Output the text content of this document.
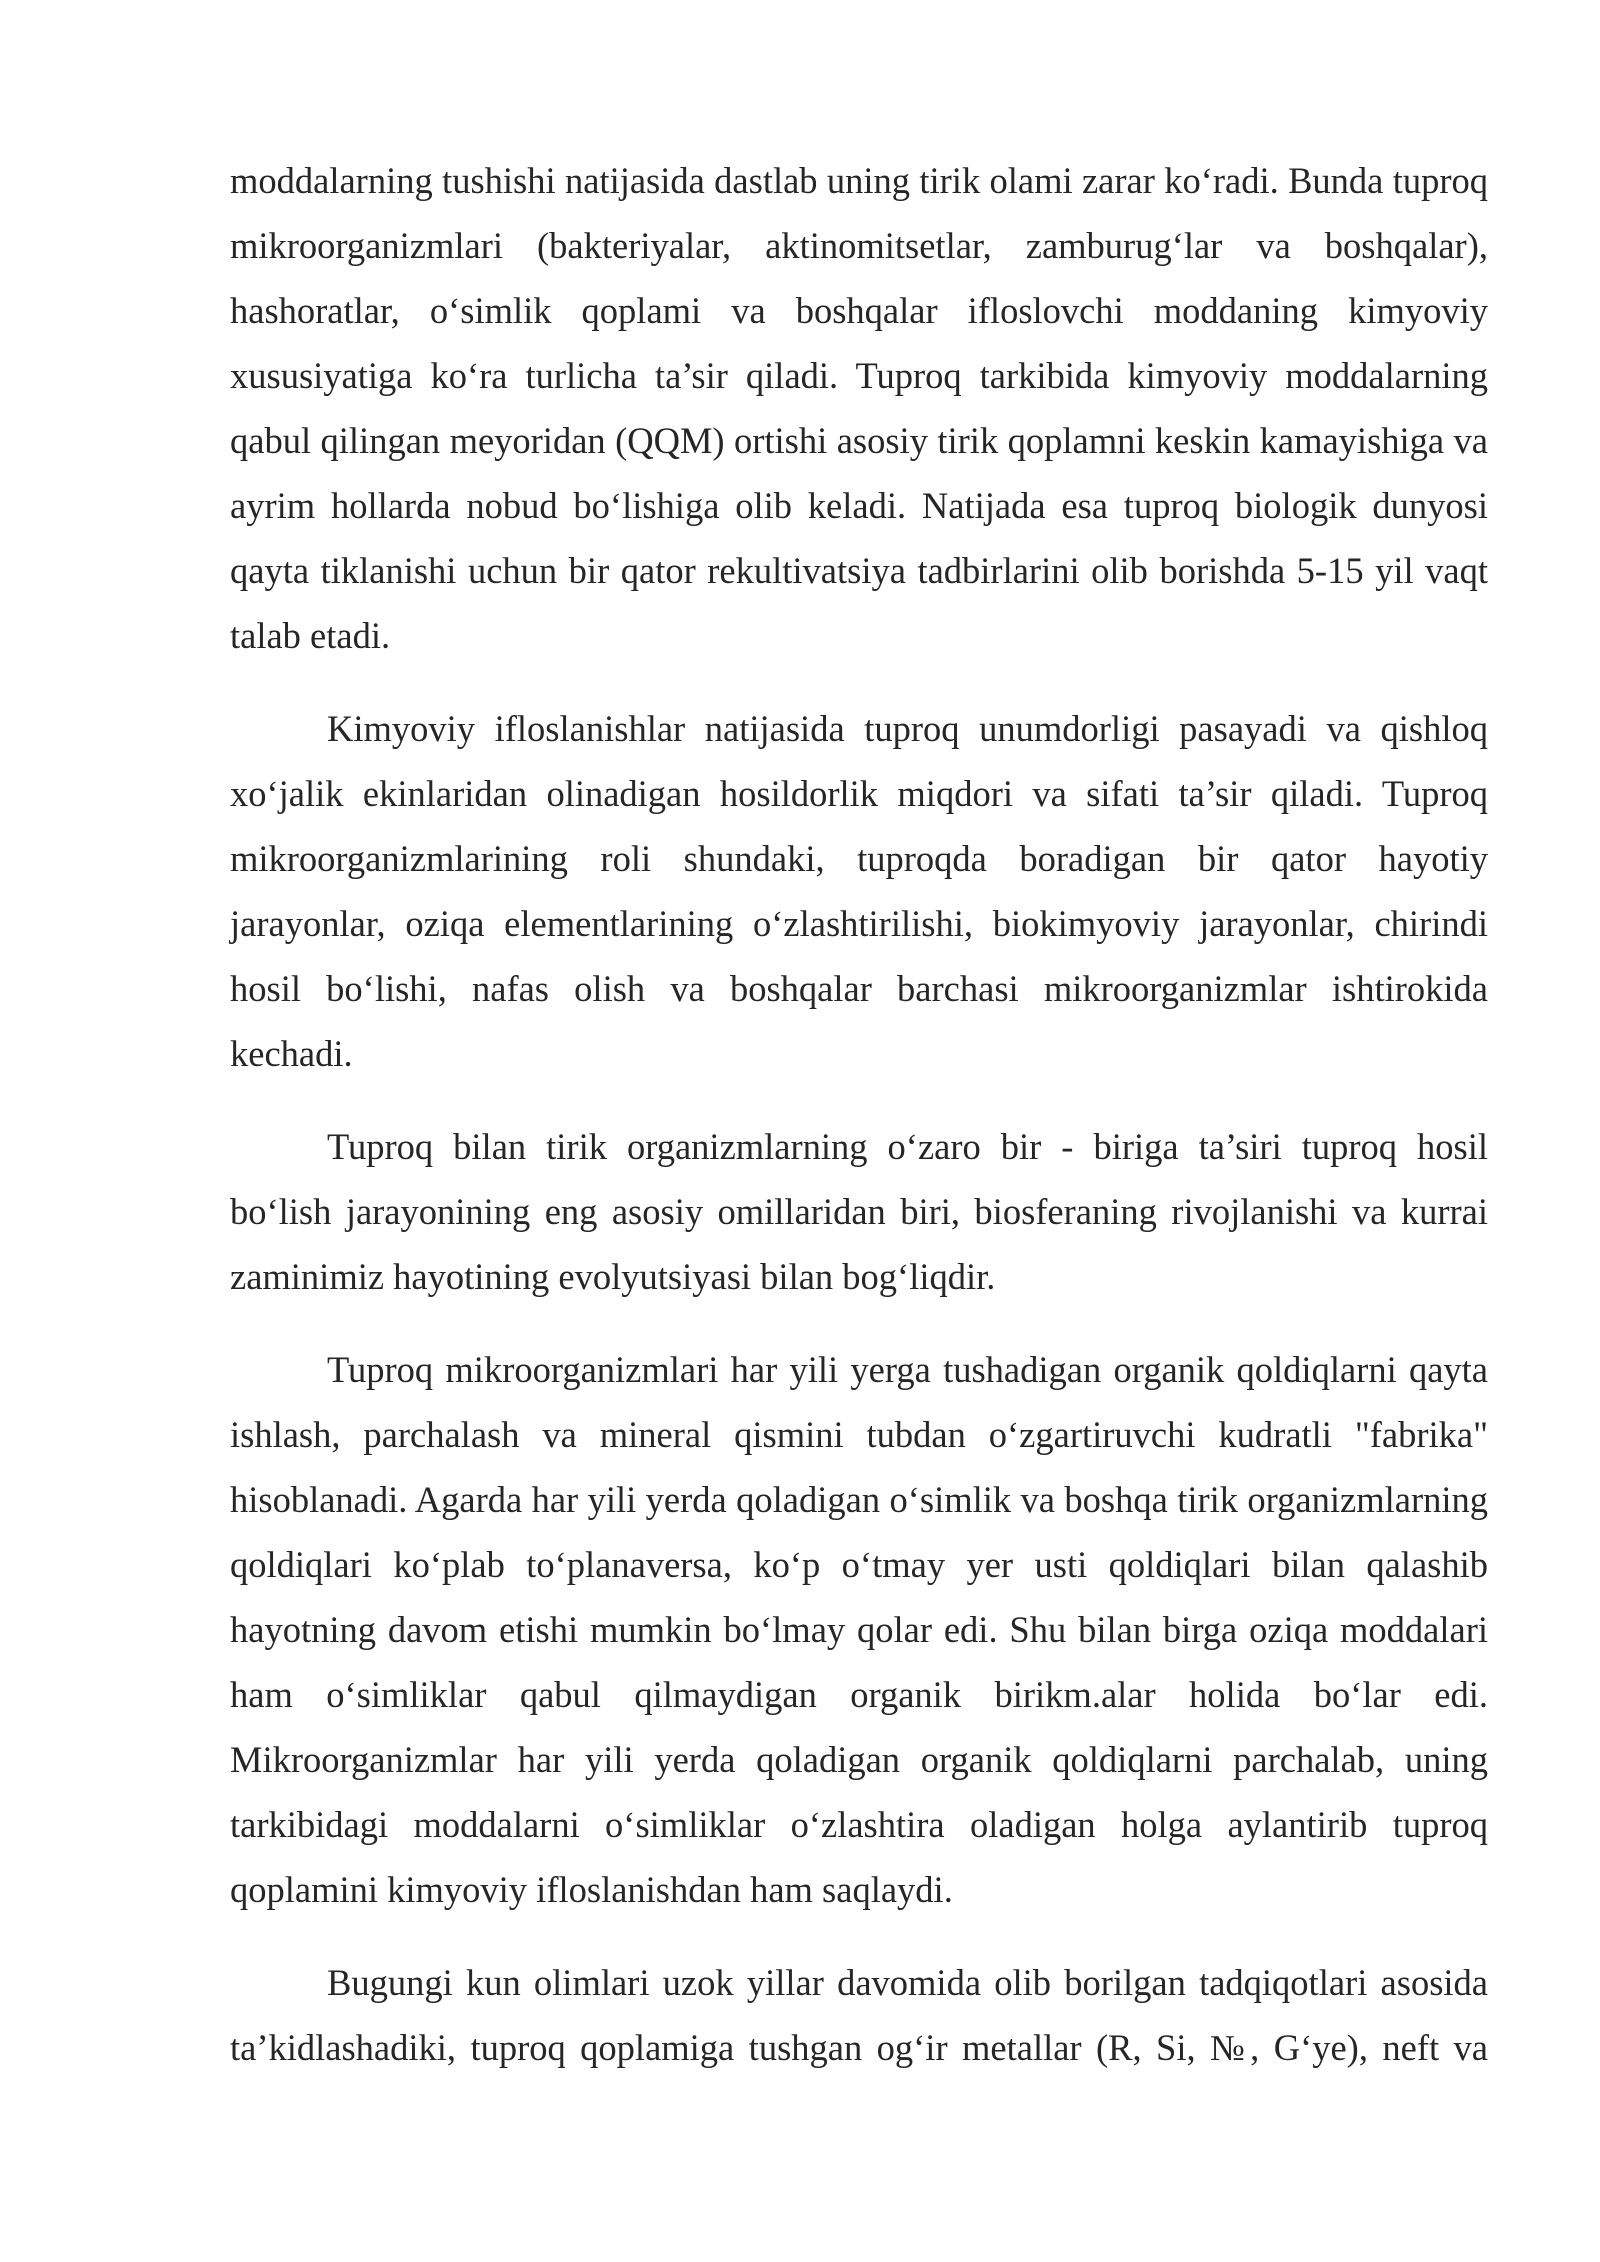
moddalarning tushishi natijasida dastlab uning tirik olami zarar ko‘radi. Bunda tuproq mikroorganizmlari (bakteriyalar, aktinomitsetlar, zamburug‘lar va boshqalar), hashoratlar, o‘simlik qoplami va boshqalar ifloslovchi moddaning kimyoviy xususiyatiga ko‘ra turlicha ta’sir qiladi. Tuproq tarkibida kimyoviy moddalarning qabul qilingan meyoridan (QQM) ortishi asosiy tirik qoplamni keskin kamayishiga va ayrim hollarda nobud bo‘lishiga olib keladi. Natijada esa tuproq biologik dunyosi qayta tiklanishi uchun bir qator rekultivatsiya tadbirlarini olib borishda 5-15 yil vaqt talab etadi.

Kimyoviy ifloslanishlar natijasida tuproq unumdorligi pasayadi va qishloq xo‘jalik ekinlaridan olinadigan hosildorlik miqdori va sifati ta’sir qiladi. Tuproq mikroorganizmlarining roli shundaki, tuproqda boradigan bir qator hayotiy jarayonlar, oziqa elementlarining o‘zlashtirilishi, biokimyoviy jarayonlar, chirindi hosil bo‘lishi, nafas olish va boshqalar barchasi mikroorganizmlar ishtirokida kechadi.

Tuproq bilan tirik organizmlarning o‘zaro bir - biriga ta’siri tuproq hosil bo‘lish jarayonining eng asosiy omillaridan biri, biosferaning rivojlanishi va kurrai zaminimiz hayotining evolyutsiyasi bilan bog‘liqdir.

Tuproq mikroorganizmlari har yili yerga tushadigan organik qoldiqlarni qayta ishlash, parchalash va mineral qismini tubdan o‘zgartiruvchi kudratli "fabrika" hisoblanadi. Agarda har yili yerda qoladigan o‘simlik va boshqa tirik organizmlarning qoldiqlari ko‘plab to‘planaversa, ko‘p o‘tmay yer usti qoldiqlari bilan qalashib hayotning davom etishi mumkin bo‘lmay qolar edi. Shu bilan birga oziqa moddalari ham o‘simliklar qabul qilmaydigan organik birikm.alar holida bo‘lar edi. Mikroorganizmlar har yili yerda qoladigan organik qoldiqlarni parchalab, uning tarkibidagi moddalarni o‘simliklar o‘zlashtira oladigan holga aylantirib tuproq qoplamini kimyoviy ifloslanishdan ham saqlaydi.

Bugungi kun olimlari uzok yillar davomida olib borilgan tadqiqotlari asosida ta’kidlashadiki, tuproq qoplamiga tushgan og‘ir metallar (R, Si, №, G‘ye), neft va
